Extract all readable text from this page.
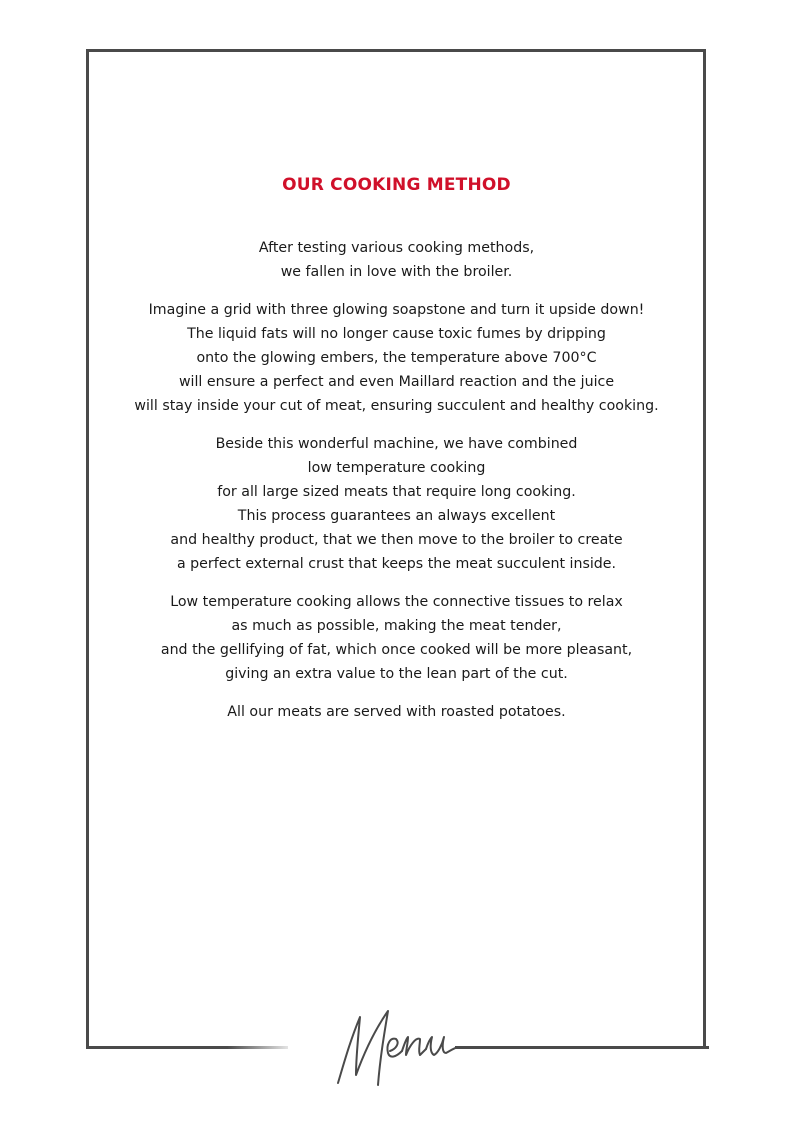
OUR COOKING METHOD
After testing various cooking methods,
we fallen in love with the broiler.
Imagine a grid with three glowing soapstone and turn it upside down!
The liquid fats will no longer cause toxic fumes by dripping
onto the glowing embers, the temperature above 700°C
will ensure a perfect and even Maillard reaction and the juice
will stay inside your cut of meat, ensuring succulent and healthy cooking.
Beside this wonderful machine, we have combined
low temperature cooking
for all large sized meats that require long cooking.
This process guarantees an always excellent
and healthy product, that we then move to the broiler to create
a perfect external crust that keeps the meat succulent inside.
Low temperature cooking allows the connective tissues to relax
as much as possible, making the meat tender,
and the gellifying of fat, which once cooked will be more pleasant,
giving an extra value to the lean part of the cut.
All our meats are served with roasted potatoes.
